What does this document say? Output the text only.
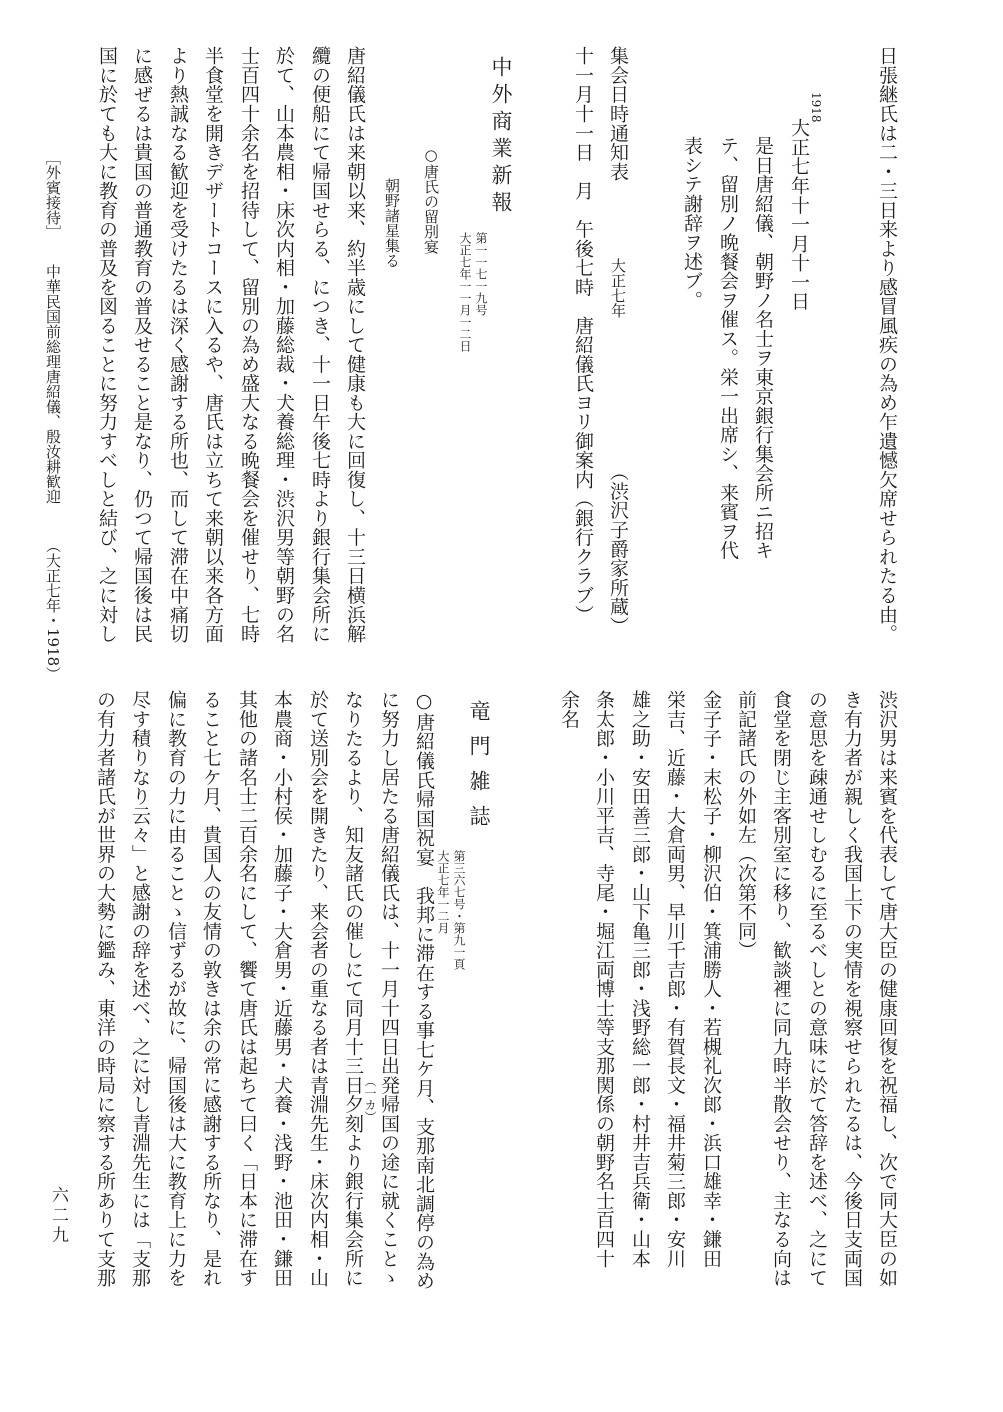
日張継氏は二・三日来より感冒風疾の為め乍遺憾欠席せられたる由。
1918
大正七年十一月十一日
是日唐紹儀、朝野ノ名士ヲ東京銀行集会所ニ招キ
テ、留別ノ晩餐会ヲ催ス。栄一出席シ、来賓ヲ代
表シテ謝辞ヲ述ブ。
集会日時通知表
大正七年
（渋沢子爵家所蔵）
十一月十一日　月　午後七時　唐紹儀氏ヨリ御案内（銀行クラブ）
中外商業新報
第一一七一九号
大正七年一一月一二日
○唐氏の留別宴
朝野諸星集る
唐紹儀氏は来朝以来、約半歳にして健康も大に回復し、十三日横浜解
纜の便船にて帰国せらる、につき、十一日午後七時より銀行集会所に
於て、山本農相・床次内相・加藤総裁・犬養総理・渋沢男等朝野の名
士百四十余名を招待して、留別の為め盛大なる晩餐会を催せり、七時
半食堂を開きデザートコースに入るや、唐氏は立ちて来朝以来各方面
より熱誠なる歓迎を受けたるは深く感謝する所也、而して滞在中痛切
に感ぜるは貴国の普通教育の普及せること是なり、仍つて帰国後は民
国に於ても大に教育の普及を図ることに努力すべしと結び、之に対し
［外賓接待］
中華民国前総理唐紹儀、殷汝耕歓迎
（大正七年・1918）
渋沢男は来賓を代表して唐大臣の健康回復を祝福し、次で同大臣の如
き有力者が親しく我国上下の実情を視察せられたるは、今後日支両国
の意思を疎通せしむるに至るべしとの意味に於て答辞を述べ、之にて
食堂を閉じ主客別室に移り、歓談裡に同九時半散会せり、主なる向は
前記諸氏の外如左（次第不同）
金子子・末松子・柳沢伯・箕浦勝人・若槻礼次郎・浜口雄幸・鎌田
栄吉、近藤・大倉両男、早川千吉郎・有賀長文・福井菊三郎・安川
雄之助・安田善三郎・山下亀三郎・浅野総一郎・村井吉兵衛・山本
条太郎・小川平吉、寺尾・堀江両博士等支那関係の朝野名士百四十
余名
竜門雑誌
第三六七号・第九一頁
大正七年一二月
○唐紹儀氏帰国祝宴　我邦に滞在する事七ケ月、支那南北調停の為め
に努力し居たる唐紹儀氏は、十一月十四日出発帰国の途に就くことゝ
（一カ）
なりたるより、知友諸氏の催しにて同月十三日夕刻より銀行集会所に
於て送別会を開きたり、来会者の重なる者は青淵先生・床次内相・山
本農商・小村侯・加藤子・大倉男・近藤男・犬養・浅野・池田・鎌田
其他の諸名士二百余名にして、饗て唐氏は起ちて曰く「日本に滞在す
ること七ケ月、貴国人の友情の敦きは余の常に感謝する所なり、是れ
偏に教育の力に由ることゝ信ずるが故に、帰国後は大に教育上に力を
尽す積りなり云々」と感謝の辞を述べ、之に対し青淵先生には「支那
の有力者諸氏が世界の大勢に鑑み、東洋の時局に察する所ありて支那
六二九
